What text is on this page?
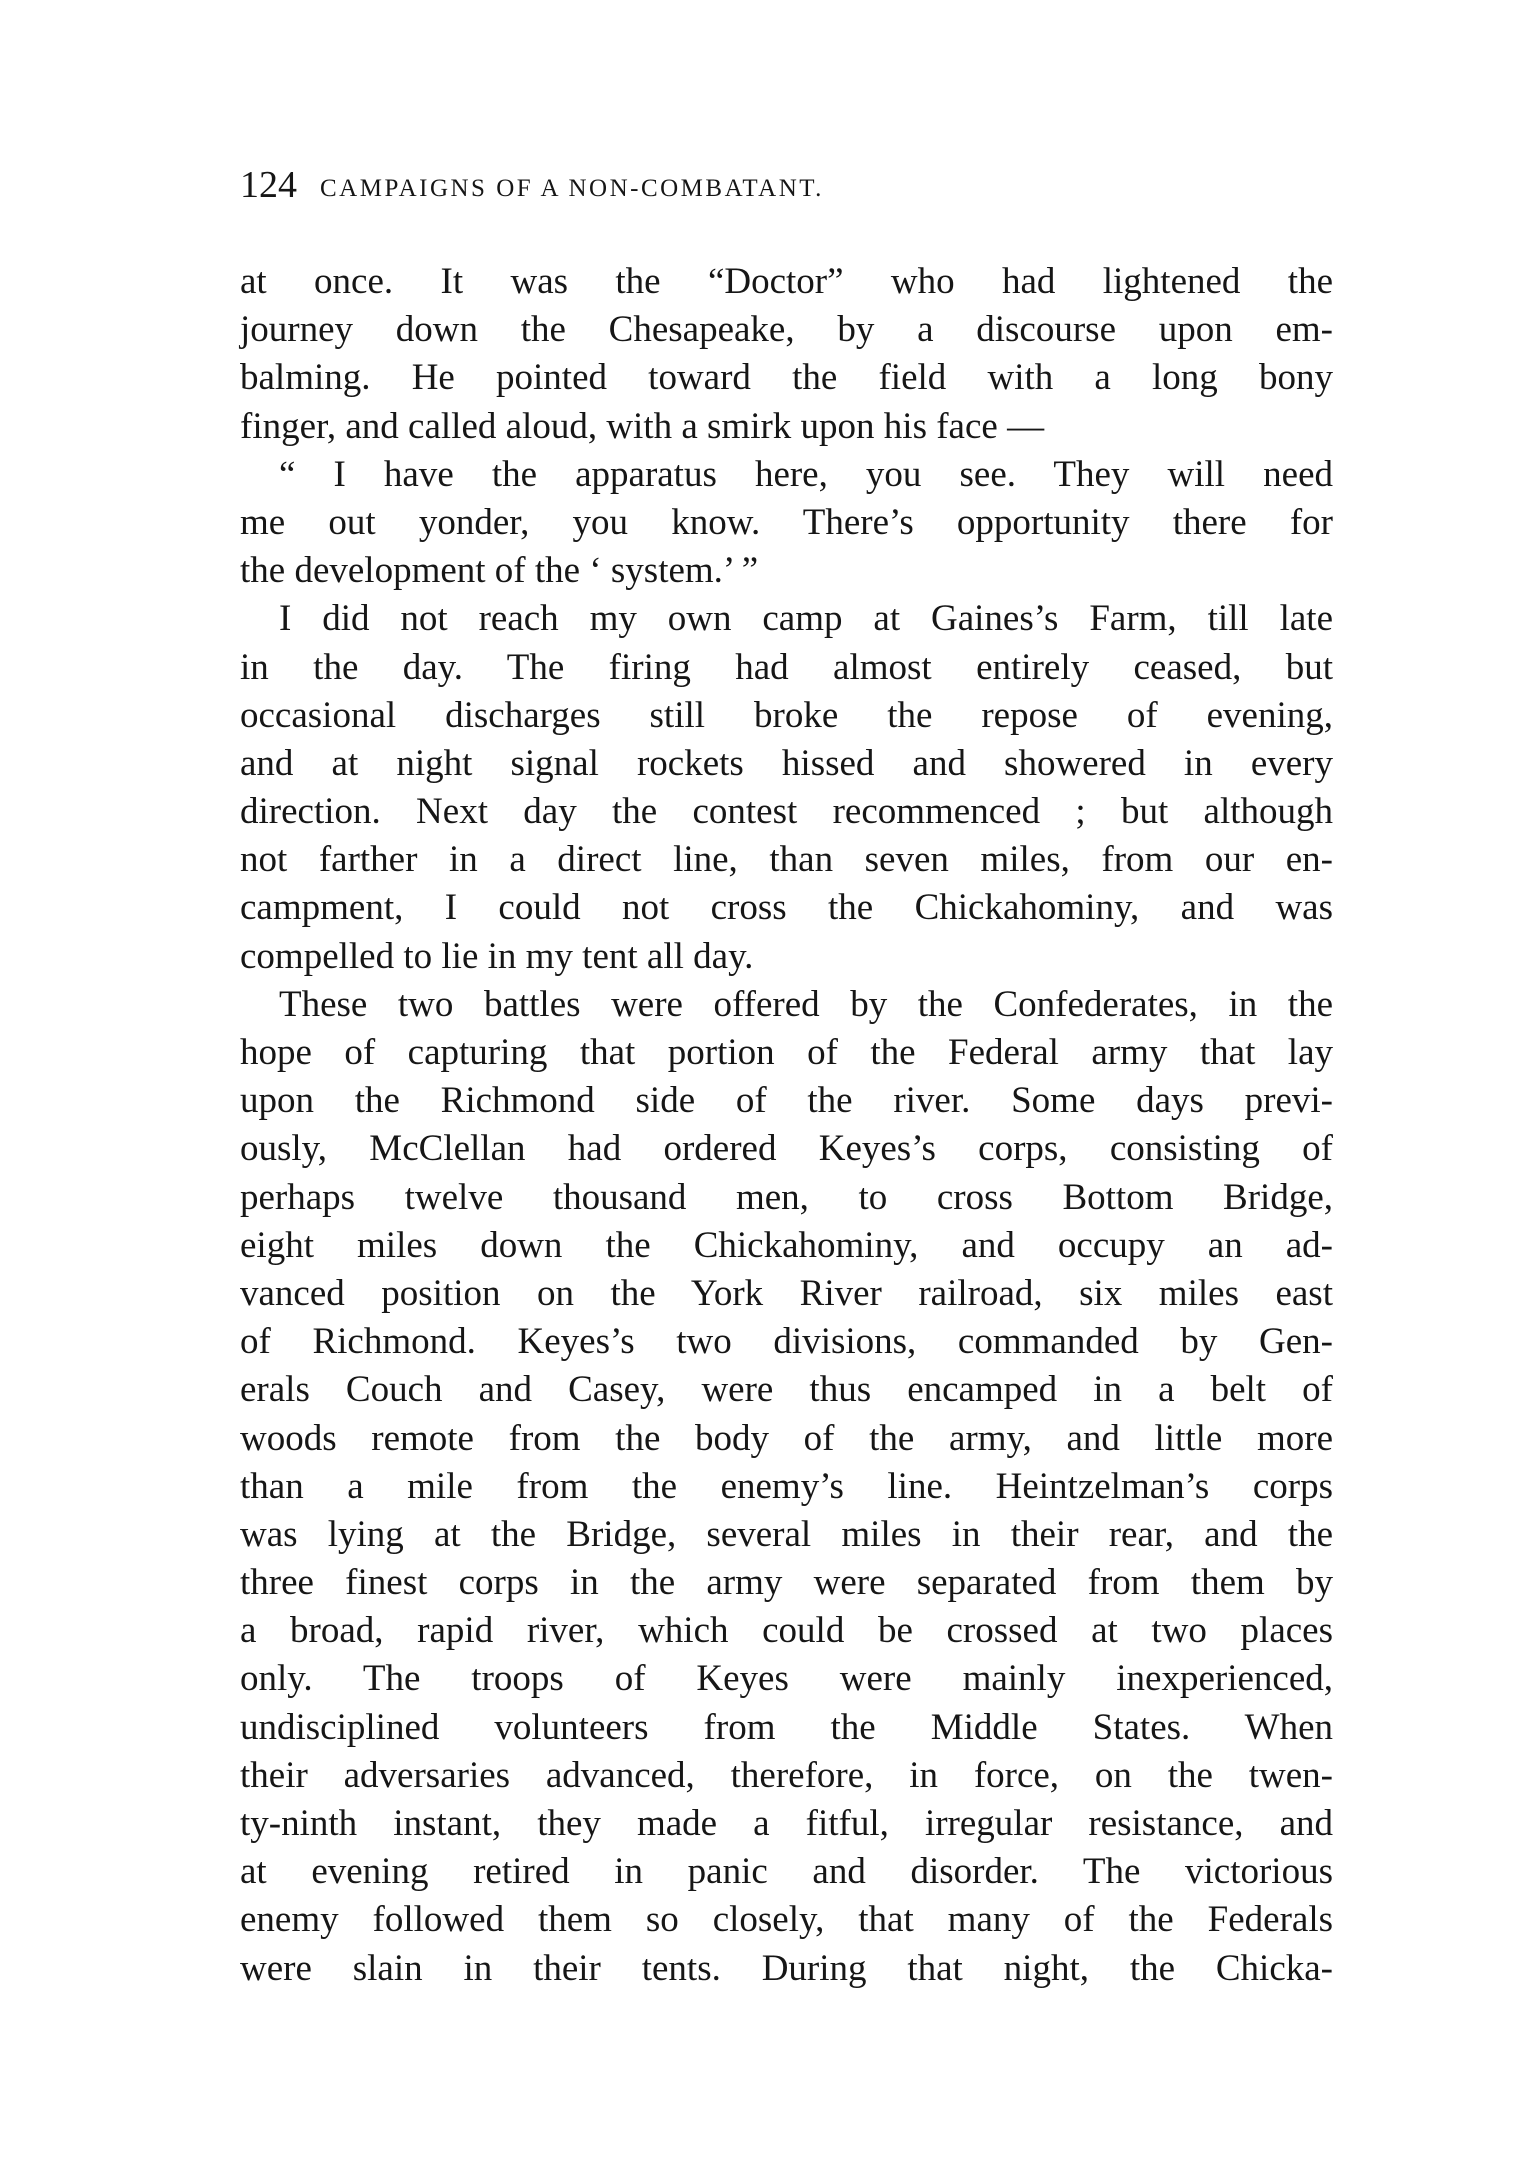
124 CAMPAIGNS OF A NON-COMBATANT.
at once. It was the “Doctor” who had lightened the
journey down the Chesapeake, by a discourse upon em-
balming. He pointed toward the field with a long bony
finger, and called aloud, with a smirk upon his face —
“ I have the apparatus here, you see. They will need
me out yonder, you know. There’s opportunity there for
the development of the ‘ system.’ ”
I did not reach my own camp at Gaines’s Farm, till late
in the day. The firing had almost entirely ceased, but
occasional discharges still broke the repose of evening,
and at night signal rockets hissed and showered in every
direction. Next day the contest recommenced ; but although
not farther in a direct line, than seven miles, from our en-
campment, I could not cross the Chickahominy, and was
compelled to lie in my tent all day.
These two battles were offered by the Confederates, in the
hope of capturing that portion of the Federal army that lay
upon the Richmond side of the river. Some days previ-
ously, McClellan had ordered Keyes’s corps, consisting of
perhaps twelve thousand men, to cross Bottom Bridge,
eight miles down the Chickahominy, and occupy an ad-
vanced position on the York River railroad, six miles east
of Richmond. Keyes’s two divisions, commanded by Gen-
erals Couch and Casey, were thus encamped in a belt of
woods remote from the body of the army, and little more
than a mile from the enemy’s line. Heintzelman’s corps
was lying at the Bridge, several miles in their rear, and the
three finest corps in the army were separated from them by
a broad, rapid river, which could be crossed at two places
only. The troops of Keyes were mainly inexperienced,
undisciplined volunteers from the Middle States. When
their adversaries advanced, therefore, in force, on the twen-
ty-ninth instant, they made a fitful, irregular resistance, and
at evening retired in panic and disorder. The victorious
enemy followed them so closely, that many of the Federals
were slain in their tents. During that night, the Chicka-
